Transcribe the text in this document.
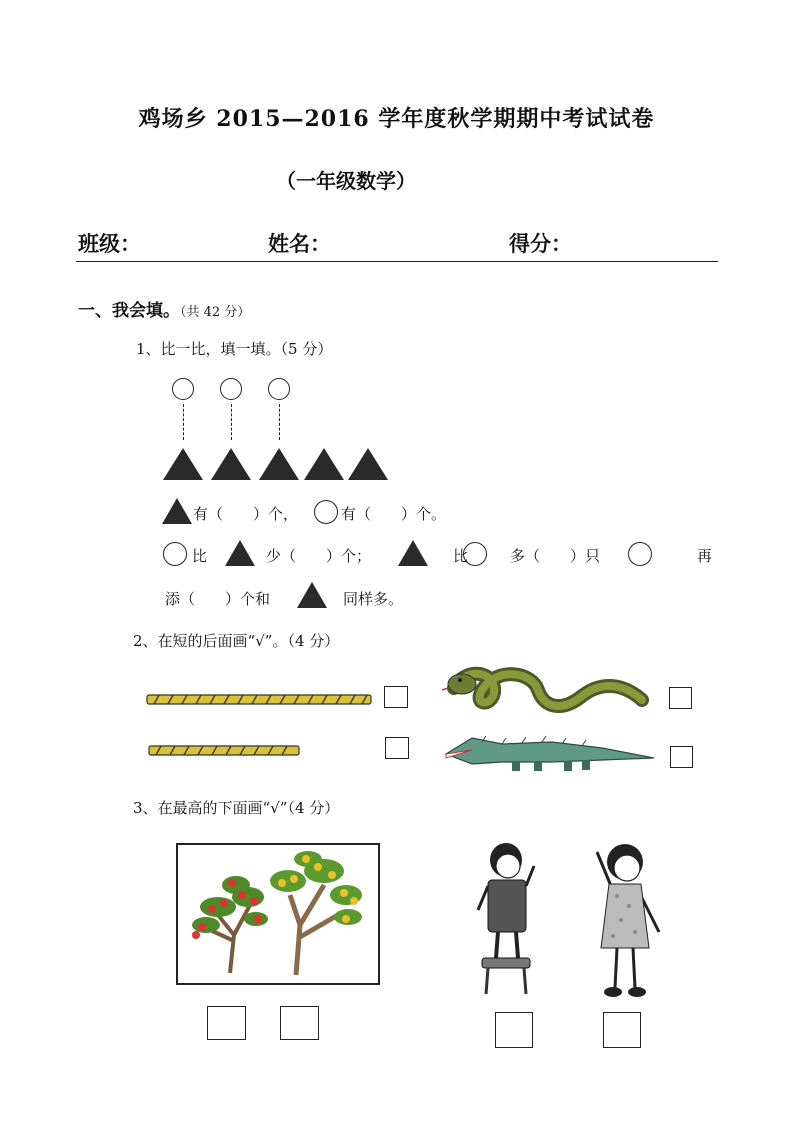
鸡场乡 2015—2016 学年度秋学期期中考试试卷
（一年级数学）
班级：	姓名：	得分：
一、我会填。（共 42 分）
1、比一比，填一填。（5 分）
有（　　）个，	有（　　）个。
比	少（　　）个；	比	多（　　）只	再
添（　　）个和	同样多。
2、在短的后面画“√”。（4 分）
3、在最高的下面画“√”（4 分）
